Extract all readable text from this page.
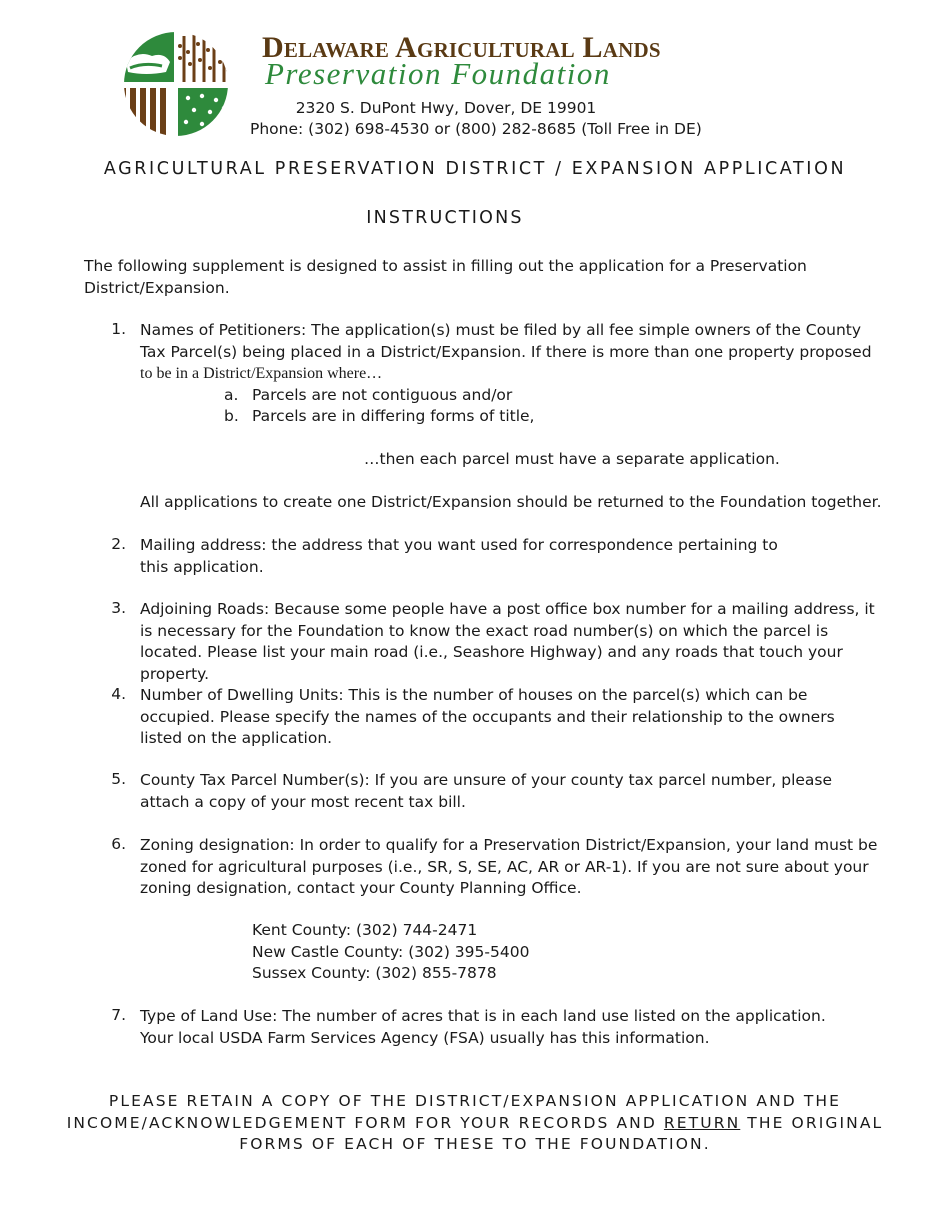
Delaware Agricultural Lands
Preservation Foundation
2320 S. DuPont Hwy, Dover, DE 19901
Phone: (302) 698-4530 or (800) 282-8685 (Toll Free in DE)
AGRICULTURAL PRESERVATION DISTRICT / EXPANSION APPLICATION
INSTRUCTIONS
The following supplement is designed to assist in filling out the application for a Preservation District/Expansion.
1. Names of Petitioners: The application(s) must be filed by all fee simple owners of the County Tax Parcel(s) being placed in a District/Expansion. If there is more than one property proposed to be in a District/Expansion where…
a. Parcels are not contiguous and/or
b. Parcels are in differing forms of title,
…then each parcel must have a separate application.
All applications to create one District/Expansion should be returned to the Foundation together.
2. Mailing address: the address that you want used for correspondence pertaining to this application.
3. Adjoining Roads: Because some people have a post office box number for a mailing address, it is necessary for the Foundation to know the exact road number(s) on which the parcel is located. Please list your main road (i.e., Seashore Highway) and any roads that touch your property.
4. Number of Dwelling Units: This is the number of houses on the parcel(s) which can be occupied. Please specify the names of the occupants and their relationship to the owners listed on the application.
5. County Tax Parcel Number(s): If you are unsure of your county tax parcel number, please attach a copy of your most recent tax bill.
6. Zoning designation: In order to qualify for a Preservation District/Expansion, your land must be zoned for agricultural purposes (i.e., SR, S, SE, AC, AR or AR-1). If you are not sure about your zoning designation, contact your County Planning Office.
Kent County: (302) 744-2471
New Castle County: (302) 395-5400
Sussex County: (302) 855-7878
7. Type of Land Use: The number of acres that is in each land use listed on the application. Your local USDA Farm Services Agency (FSA) usually has this information.
PLEASE RETAIN A COPY OF THE DISTRICT/EXPANSION APPLICATION AND THE INCOME/ACKNOWLEDGEMENT FORM FOR YOUR RECORDS AND RETURN THE ORIGINAL FORMS OF EACH OF THESE TO THE FOUNDATION.
